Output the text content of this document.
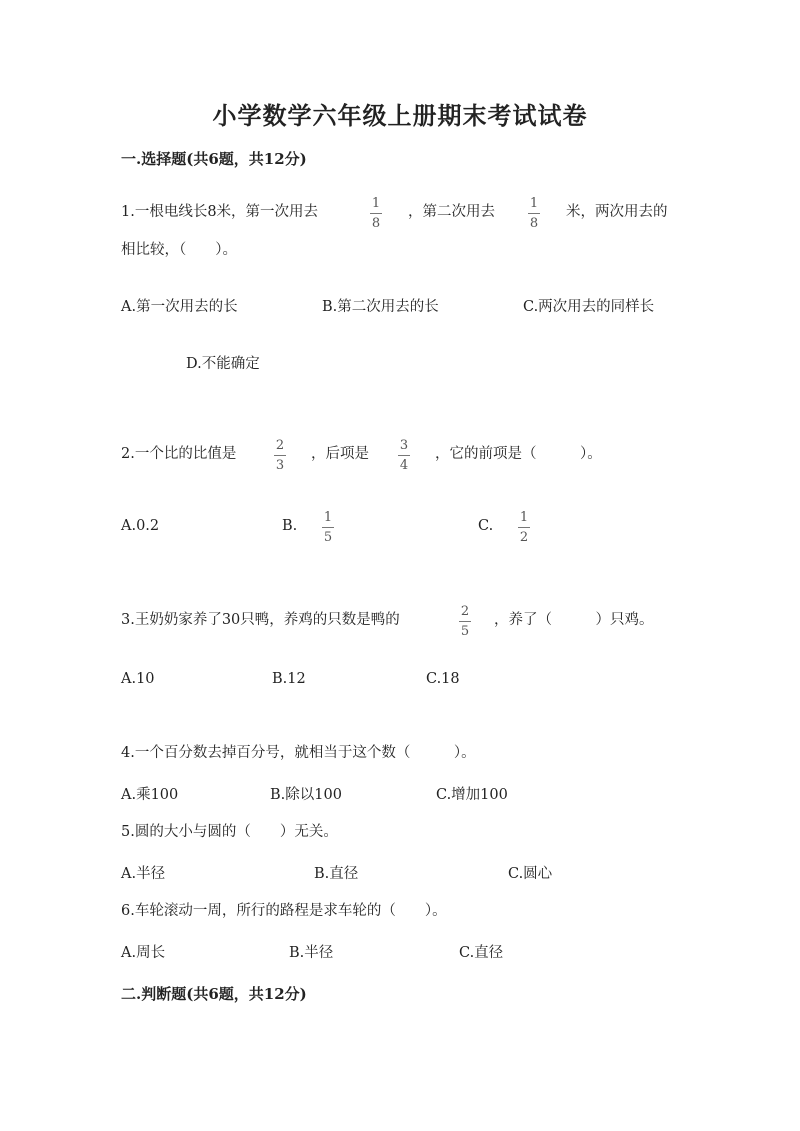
小学数学六年级上册期末考试试卷
一.选择题(共6题，共12分)
1.一根电线长8米，第一次用去
1
8
，第二次用去
1
8
米，两次用去的
相比较，（　　）。
A.第一次用去的长	B.第二次用去的长	C.两次用去的同样长
D.不能确定
2.一个比的比值是
2
3
，后项是
3
4
，它的前项是（　　　）。
A.0.2	B.
1
5
C.
1
2
3.王奶奶家养了30只鸭，养鸡的只数是鸭的
2
5
，养了（　　　）只鸡。
A.10	B.12	C.18
4.一个百分数去掉百分号，就相当于这个数（　　　）。
A.乘100	B.除以100	C.增加100
5.圆的大小与圆的（　　）无关。
A.半径	B.直径	C.圆心
6.车轮滚动一周，所行的路程是求车轮的（　　）。
A.周长	B.半径	C.直径
二.判断题(共6题，共12分)
